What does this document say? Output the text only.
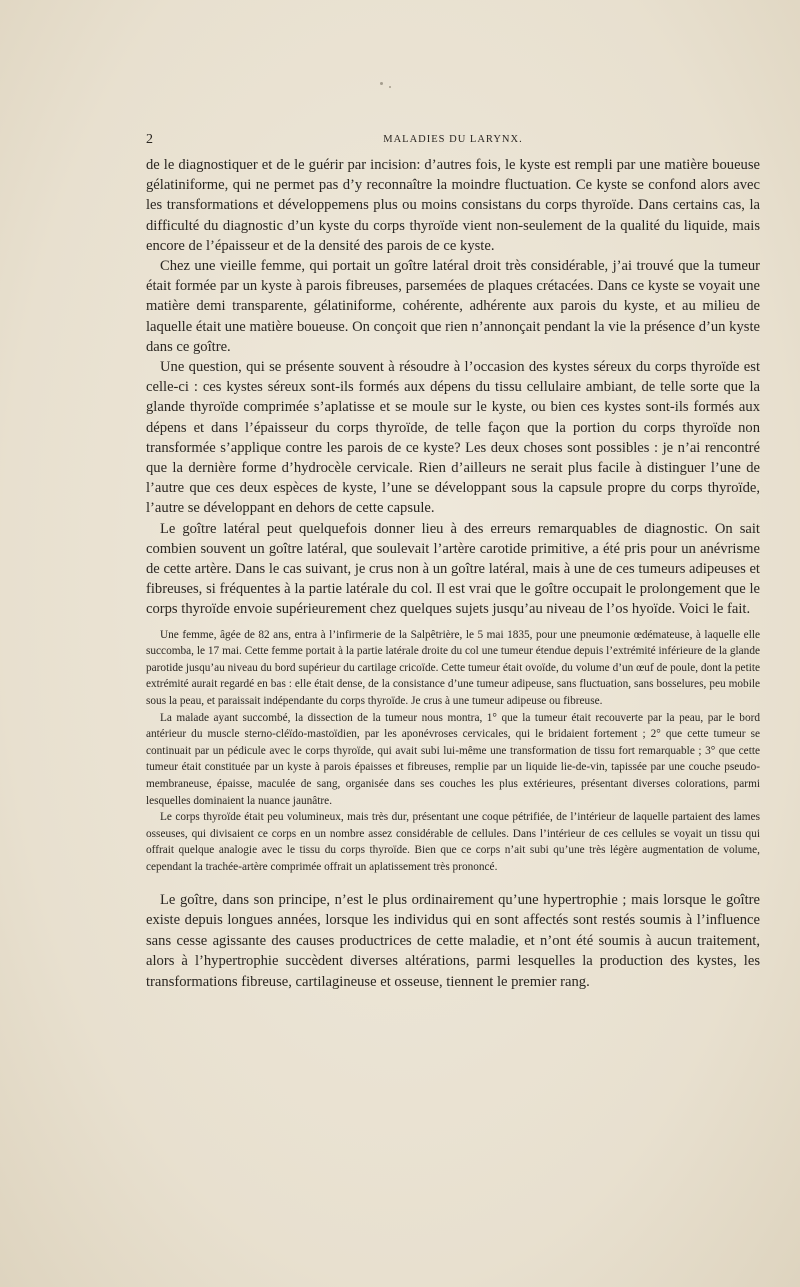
2	MALADIES DU LARYNX.

de le diagnostiquer et de le guérir par incision: d’autres fois, le kyste est rempli par une matière boueuse gélatiniforme, qui ne permet pas d’y reconnaître la moindre fluctuation. Ce kyste se confond alors avec les transformations et développemens plus ou moins consistans du corps thyroïde. Dans certains cas, la difficulté du diagnostic d’un kyste du corps thyroïde vient non-seulement de la qualité du liquide, mais encore de l’épaisseur et de la densité des parois de ce kyste.

Chez une vieille femme, qui portait un goître latéral droit très considérable, j’ai trouvé que la tumeur était formée par un kyste à parois fibreuses, parsemées de plaques crétacées. Dans ce kyste se voyait une matière demi transparente, gélatiniforme, cohérente, adhérente aux parois du kyste, et au milieu de laquelle était une matière boueuse. On conçoit que rien n’annonçait pendant la vie la présence d’un kyste dans ce goître.

Une question, qui se présente souvent à résoudre à l’occasion des kystes séreux du corps thyroïde est celle-ci : ces kystes séreux sont-ils formés aux dépens du tissu cellulaire ambiant, de telle sorte que la glande thyroïde comprimée s’aplatisse et se moule sur le kyste, ou bien ces kystes sont-ils formés aux dépens et dans l’épaisseur du corps thyroïde, de telle façon que la portion du corps thyroïde non transformée s’applique contre les parois de ce kyste? Les deux choses sont possibles : je n’ai rencontré que la dernière forme d’hydrocèle cervicale. Rien d’ailleurs ne serait plus facile à distinguer l’une de l’autre que ces deux espèces de kyste, l’une se développant sous la capsule propre du corps thyroïde, l’autre se développant en dehors de cette capsule.

Le goître latéral peut quelquefois donner lieu à des erreurs remarquables de diagnostic. On sait combien souvent un goître latéral, que soulevait l’artère carotide primitive, a été pris pour un anévrisme de cette artère. Dans le cas suivant, je crus non à un goître latéral, mais à une de ces tumeurs adipeuses et fibreuses, si fréquentes à la partie latérale du col. Il est vrai que le goître occupait le prolongement que le corps thyroïde envoie supérieurement chez quelques sujets jusqu’au niveau de l’os hyoïde. Voici le fait.

Une femme, âgée de 82 ans, entra à l’infirmerie de la Salpêtrière, le 5 mai 1835, pour une pneumonie œdémateuse, à laquelle elle succomba, le 17 mai. Cette femme portait à la partie latérale droite du col une tumeur étendue depuis l’extrémité inférieure de la glande parotide jusqu’au niveau du bord supérieur du cartilage cricoïde. Cette tumeur était ovoïde, du volume d’un œuf de poule, dont la petite extrémité aurait regardé en bas : elle était dense, de la consistance d’une tumeur adipeuse, sans fluctuation, sans bosselures, peu mobile sous la peau, et paraissait indépendante du corps thyroïde. Je crus à une tumeur adipeuse ou fibreuse.

La malade ayant succombé, la dissection de la tumeur nous montra, 1° que la tumeur était recouverte par la peau, par le bord antérieur du muscle sterno-cléïdo-mastoïdien, par les aponévroses cervicales, qui le bridaient fortement ; 2° que cette tumeur se continuait par un pédicule avec le corps thyroïde, qui avait subi lui-même une transformation de tissu fort remarquable ; 3° que cette tumeur était constituée par un kyste à parois épaisses et fibreuses, remplie par un liquide lie-de-vin, tapissée par une couche pseudo-membraneuse, épaisse, maculée de sang, organisée dans ses couches les plus extérieures, présentant diverses colorations, parmi lesquelles dominaient la nuance jaunâtre.

Le corps thyroïde était peu volumineux, mais très dur, présentant une coque pétrifiée, de l’intérieur de laquelle partaient des lames osseuses, qui divisaient ce corps en un nombre assez considérable de cellules. Dans l’intérieur de ces cellules se voyait un tissu qui offrait quelque analogie avec le tissu du corps thyroïde. Bien que ce corps n’ait subi qu’une très légère augmentation de volume, cependant la trachée-artère comprimée offrait un aplatissement très prononcé.

Le goître, dans son principe, n’est le plus ordinairement qu’une hypertrophie ; mais lorsque le goître existe depuis longues années, lorsque les individus qui en sont affectés sont restés soumis à l’influence sans cesse agissante des causes productrices de cette maladie, et n’ont été soumis à aucun traitement, alors à l’hypertrophie succèdent diverses altérations, parmi lesquelles la production des kystes, les transformations fibreuse, cartilagineuse et osseuse, tiennent le premier rang.
